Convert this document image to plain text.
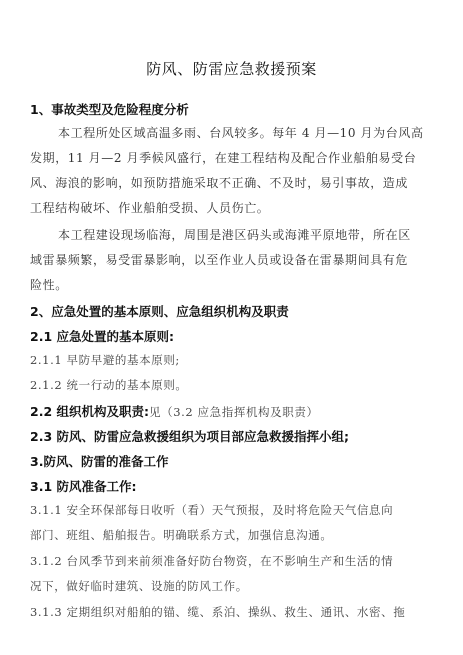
防风、防雷应急救援预案
1、事故类型及危险程度分析
本工程所处区域高温多雨、台风较多。每年 4 月—10 月为台风高
发期，11 月—2 月季候风盛行，在建工程结构及配合作业船舶易受台
风、海浪的影响，如预防措施采取不正确、不及时，易引事故，造成
工程结构破坏、作业船舶受损、人员伤亡。
本工程建设现场临海，周围是港区码头或海滩平原地带，所在区
域雷暴频繁，易受雷暴影响，以至作业人员或设备在雷暴期间具有危
险性。
2、应急处置的基本原则、应急组织机构及职责
2.1 应急处置的基本原则:
2.1.1 早防早避的基本原则;
2.1.2 统一行动的基本原则。
2.2 组织机构及职责:见（3.2 应急指挥机构及职责）
2.3 防风、防雷应急救援组织为项目部应急救援指挥小组;
3.防风、防雷的准备工作
3.1 防风准备工作:
3.1.1 安全环保部每日收听（看）天气预报，及时将危险天气信息向
部门、班组、船舶报告。明确联系方式，加强信息沟通。
3.1.2 台风季节到来前须准备好防台物资，在不影响生产和生活的情
况下，做好临时建筑、设施的防风工作。
3.1.3 定期组织对船舶的锚、缆、系泊、操纵、救生、通讯、水密、拖
